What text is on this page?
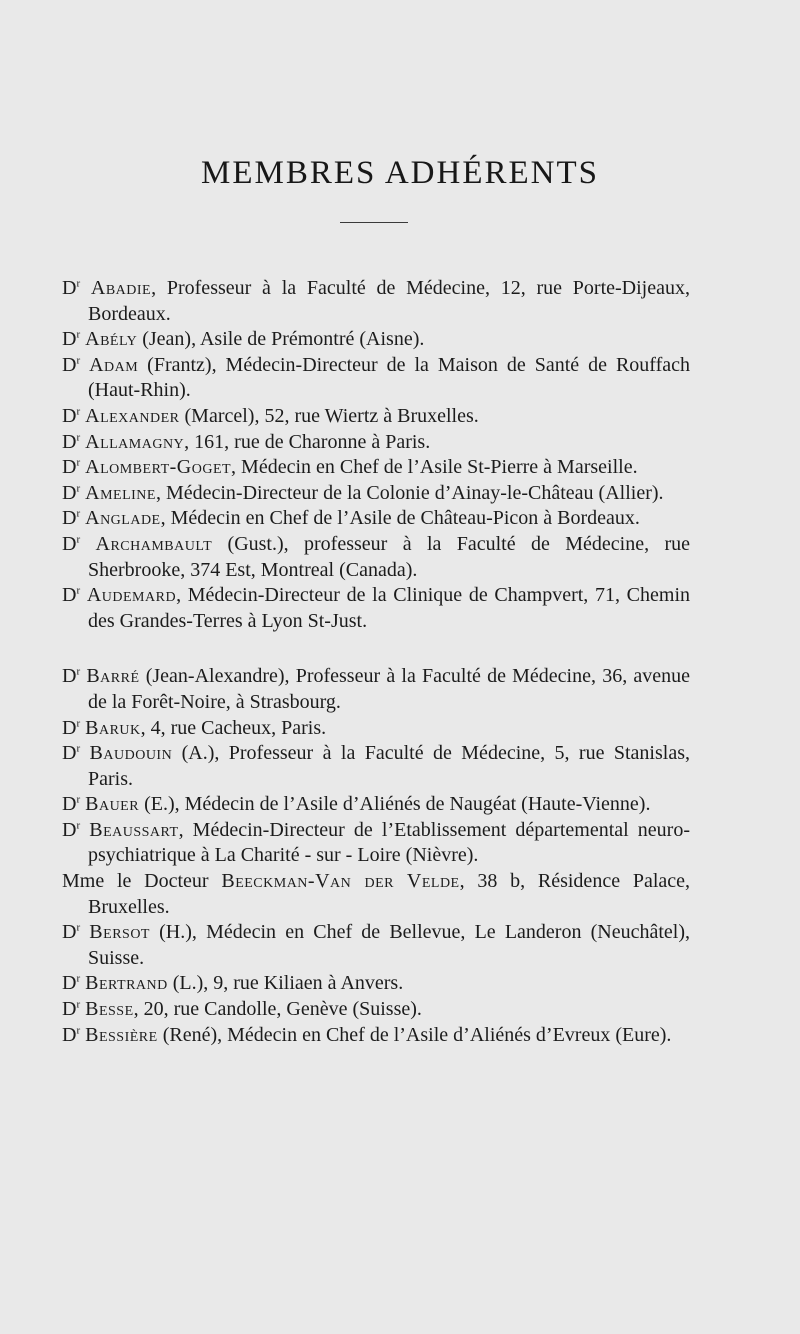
MEMBRES ADHÉRENTS

$D^r$ Abadie, Professeur à la Faculté de Médecine, 12, rue Porte-Dijeaux, Bordeaux.

$D^r$ Abély (Jean), Asile de Prémontré (Aisne).

$D^r$ Adam (Frantz), Médecin-Directeur de la Maison de Santé de Rouffach (Haut-Rhin).

$D^r$ Alexander (Marcel), 52, rue Wiertz à Bruxelles.

$D^r$ Allamagny, 161, rue de Charonne à Paris.

$D^r$ Alombert-Goget, Médecin en Chef de l’Asile St-Pierre à Marseille.

$D^r$ Ameline, Médecin-Directeur de la Colonie d’Ainay-le-Château (Allier).

$D^r$ Anglade, Médecin en Chef de l’Asile de Château-Picon à Bordeaux.

$D^r$ Archambault (Gust.), professeur à la Faculté de Médecine, rue Sherbrooke, 374 Est, Montreal (Canada).

$D^r$ Audemard, Médecin-Directeur de la Clinique de Champvert, 71, Chemin des Grandes-Terres à Lyon St-Just.

$D^r$ Barré (Jean-Alexandre), Professeur à la Faculté de Médecine, 36, avenue de la Forêt-Noire, à Strasbourg.

$D^r$ Baruk, 4, rue Cacheux, Paris.

$D^r$ Baudouin (A.), Professeur à la Faculté de Médecine, 5, rue Stanislas, Paris.

$D^r$ Bauer (E.), Médecin de l’Asile d’Aliénés de Naugéat (Haute-Vienne).

$D^r$ Beaussart, Médecin-Directeur de l’Etablissement départemental neuro-psychiatrique à La Charité - sur - Loire (Nièvre).

Mme le Docteur Beeckman-Van der Velde, 38 b, Résidence Palace, Bruxelles.

$D^r$ Bersot (H.), Médecin en Chef de Bellevue, Le Landeron (Neuchâtel), Suisse.

$D^r$ Bertrand (L.), 9, rue Kiliaen à Anvers.

$D^r$ Besse, 20, rue Candolle, Genève (Suisse).

$D^r$ Bessière (René), Médecin en Chef de l’Asile d’Aliénés d’Evreux (Eure).
